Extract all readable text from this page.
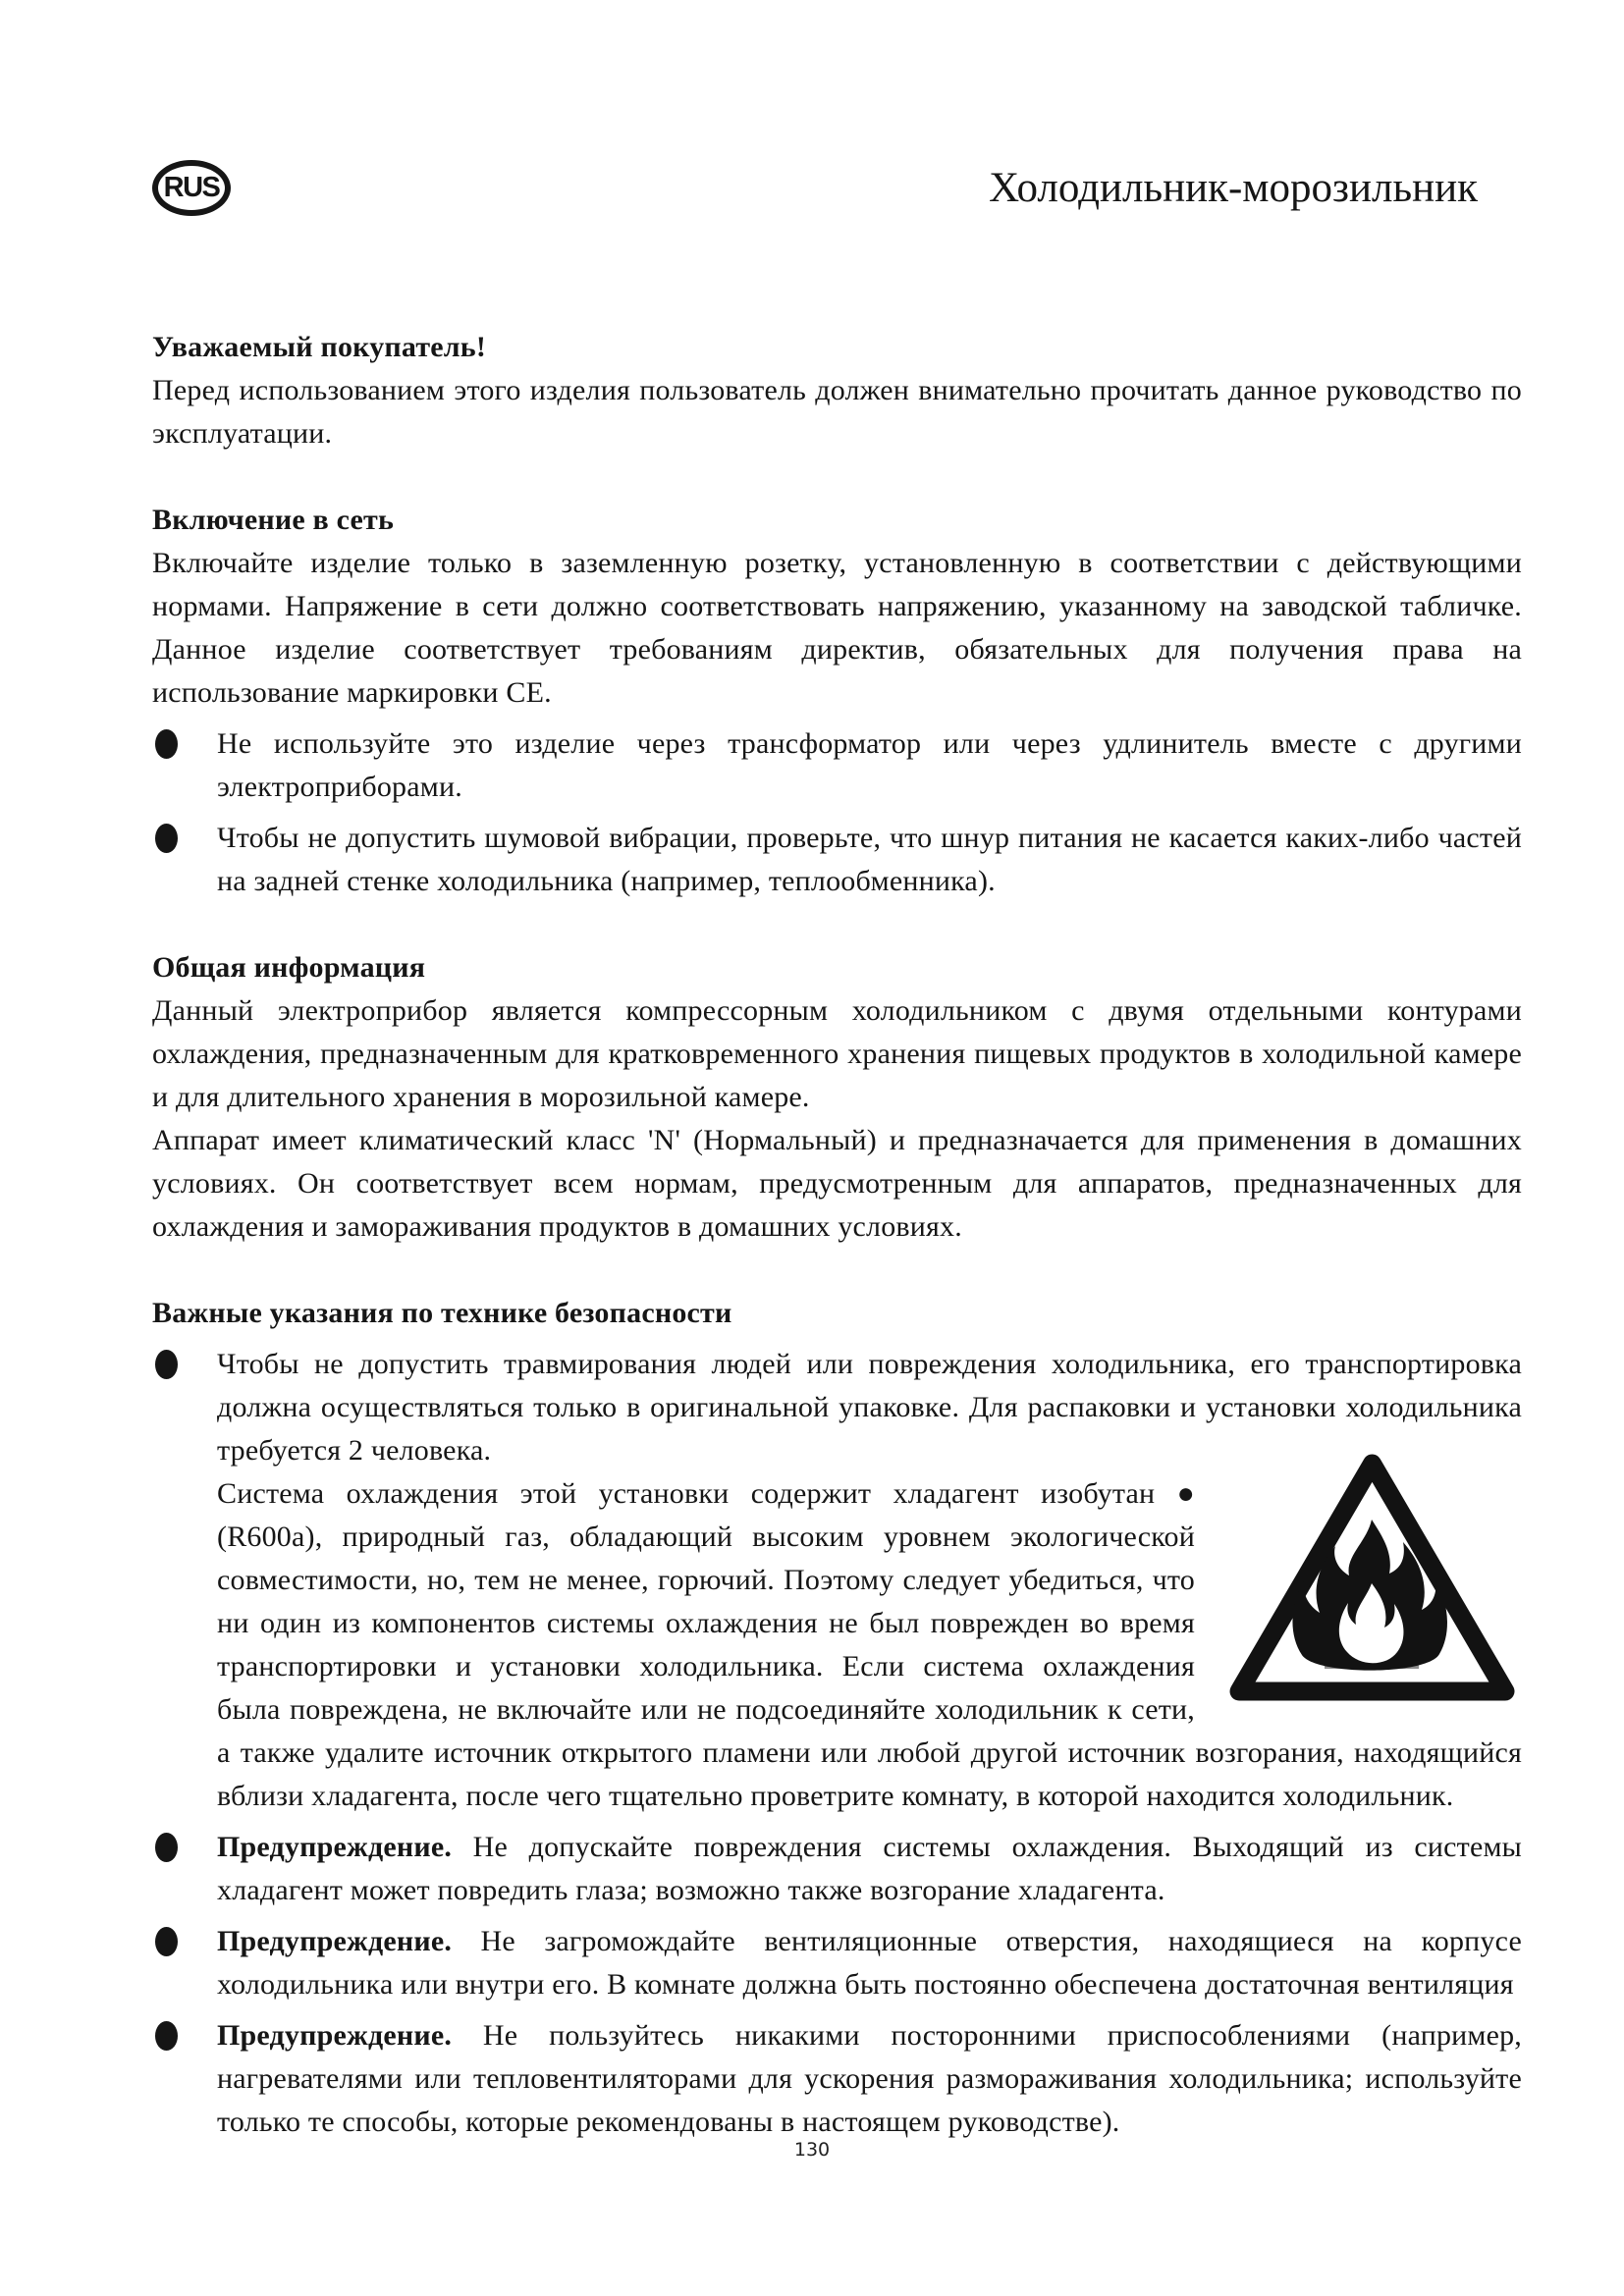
RUS	Холодильник-морозильник
Уважаемый покупатель!

Перед использованием этого изделия пользователь должен внимательно прочитать данное руководство по эксплуатации.

Включение в сеть

Включайте изделие только в заземленную розетку, установленную в соответствии с действующими нормами. Напряжение в сети должно соответствовать напряжению, указанному на заводской табличке. Данное изделие соответствует требованиям директив, обязательных для получения права на использование маркировки CE.

Не используйте это изделие через трансформатор или через удлинитель вместе с другими электроприборами.

Чтобы не допустить шумовой вибрации, проверьте, что шнур питания не касается каких-либо частей на задней стенке холодильника (например, теплообменника).

Общая информация

Данный электроприбор является компрессорным холодильником с двумя отдельными контурами охлаждения, предназначенным для кратковременного хранения пищевых продуктов в холодильной камере и для длительного хранения в морозильной камере.

Аппарат имеет климатический класс 'N' (Нормальный) и предназначается для применения в домашних условиях. Он соответствует всем нормам, предусмотренным для аппаратов, предназначенных для охлаждения и замораживания продуктов в домашних условиях.

Важные указания по технике безопасности

Чтобы не допустить травмирования людей или повреждения холодильника, его транспортировка должна осуществляться только в оригинальной упаковке. Для распаковки и установки холодильника требуется 2 человека.

Система охлаждения этой установки содержит хладагент изобутан ● (R600a), природный газ, обладающий высоким уровнем экологической совместимости, но, тем не менее, горючий. Поэтому следует убедиться, что ни один из компонентов системы охлаждения не был поврежден во время транспортировки и установки холодильника. Если система охлаждения была повреждена, не включайте или не подсоединяйте холодильник к сети, а также удалите источник открытого пламени или любой другой источник возгорания, находящийся вблизи хладагента, после чего тщательно проветрите комнату, в которой находится холодильник.

Предупреждение. Не допускайте повреждения системы охлаждения. Выходящий из системы хладагент может повредить глаза; возможно также возгорание хладагента.

Предупреждение. Не загромождайте вентиляционные отверстия, находящиеся на корпусе холодильника или внутри его. В комнате должна быть постоянно обеспечена достаточная вентиляция

Предупреждение. Не пользуйтесь никакими посторонними приспособлениями (например, нагревателями или тепловентиляторами для ускорения размораживания холодильника; используйте только те способы, которые рекомендованы в настоящем руководстве).

130
